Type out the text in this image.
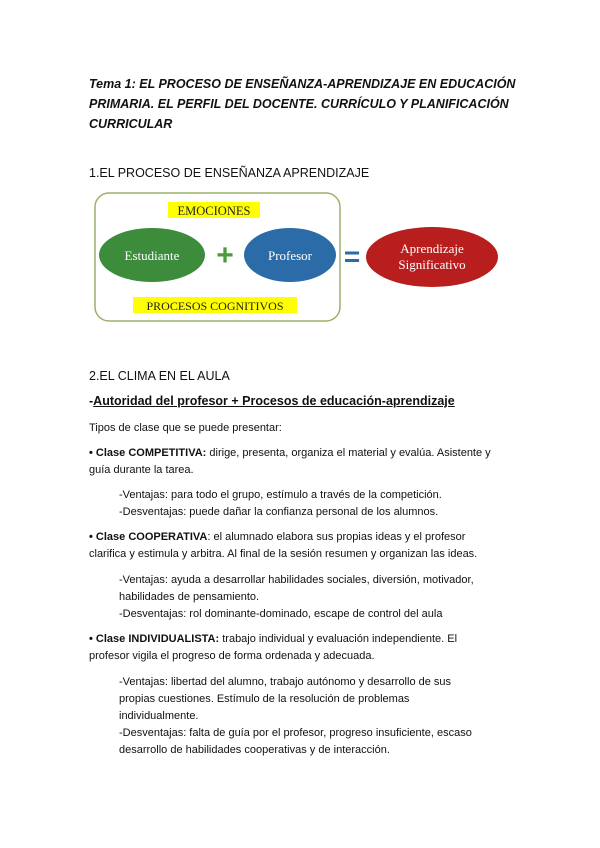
Tema 1: EL PROCESO DE ENSEÑANZA-APRENDIZAJE EN EDUCACIÓN PRIMARIA. EL PERFIL DEL DOCENTE. CURRÍCULO Y PLANIFICACIÓN CURRICULAR
1.EL PROCESO DE ENSEÑANZA APRENDIZAJE
EMOCIONES
PROCESOS COGNITIVOS
Estudiante +	Profesor =	Aprendizaje
Significativo
2.EL CLIMA EN EL AULA
-Autoridad del profesor + Procesos de educación-aprendizaje
Tipos de clase que se puede presentar:
• Clase COMPETITIVA: dirige, presenta, organiza el material y evalúa. Asistente y
guía durante la tarea.
-Ventajas: para todo el grupo, estímulo a través de la competición.
-Desventajas: puede dañar la confianza personal de los alumnos.
• Clase COOPERATIVA: el alumnado elabora sus propias ideas y el profesor
clarifica y estimula y arbitra. Al final de la sesión resumen y organizan las ideas.
-Ventajas: ayuda a desarrollar habilidades sociales, diversión, motivador,
habilidades de pensamiento.
-Desventajas: rol dominante-dominado, escape de control del aula
• Clase INDIVIDUALISTA: trabajo individual y evaluación independiente. El
profesor vigila el progreso de forma ordenada y adecuada.
-Ventajas: libertad del alumno, trabajo autónomo y desarrollo de sus
propias cuestiones. Estímulo de la resolución de problemas
individualmente.
-Desventajas: falta de guía por el profesor, progreso insuficiente, escaso
desarrollo de habilidades cooperativas y de interacción.
